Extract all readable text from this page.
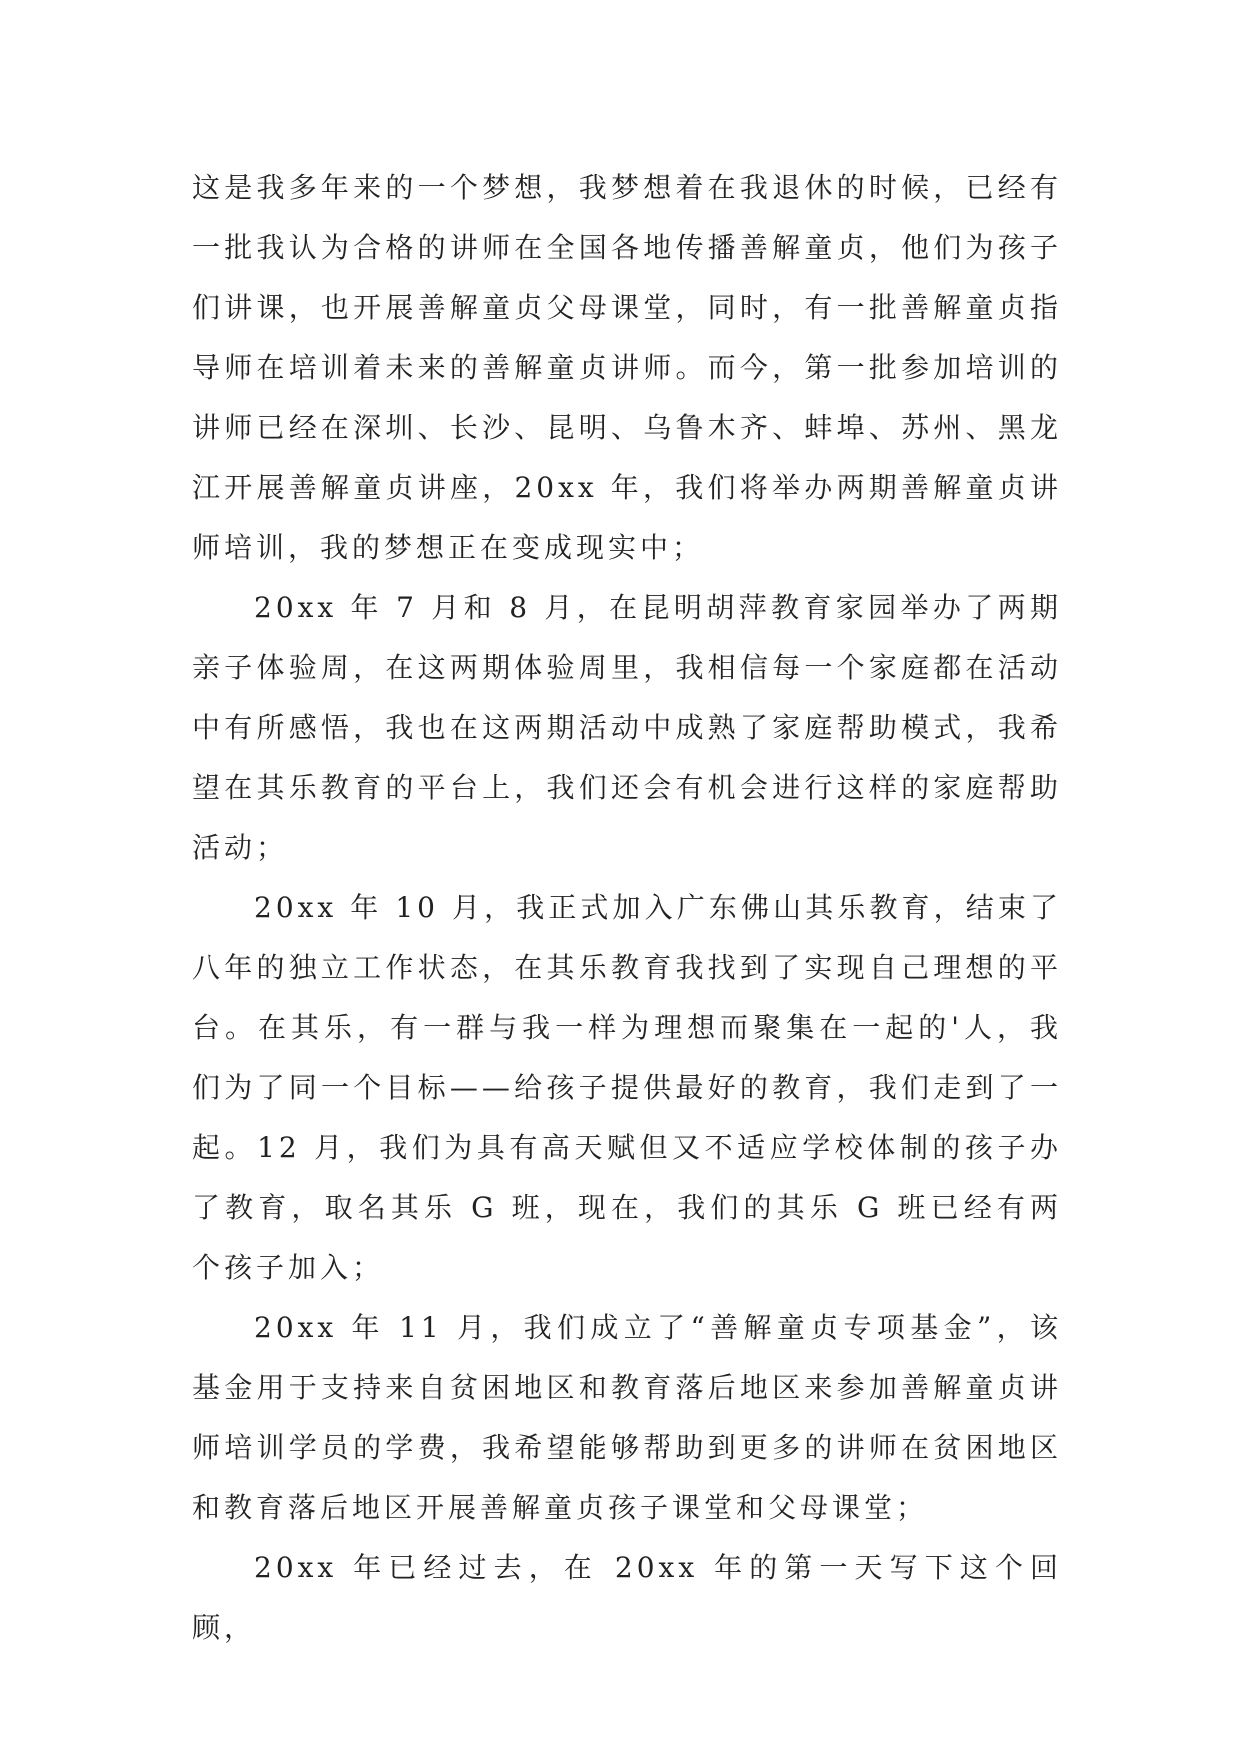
这是我多年来的一个梦想，我梦想着在我退休的时候，已经有一批我认为合格的讲师在全国各地传播善解童贞，他们为孩子们讲课，也开展善解童贞父母课堂，同时，有一批善解童贞指导师在培训着未来的善解童贞讲师。而今，第一批参加培训的讲师已经在深圳、长沙、昆明、乌鲁木齐、蚌埠、苏州、黑龙江开展善解童贞讲座，20xx 年，我们将举办两期善解童贞讲师培训，我的梦想正在变成现实中；

20xx 年 7 月和 8 月，在昆明胡萍教育家园举办了两期亲子体验周，在这两期体验周里，我相信每一个家庭都在活动中有所感悟，我也在这两期活动中成熟了家庭帮助模式，我希望在其乐教育的平台上，我们还会有机会进行这样的家庭帮助活动；

20xx 年 10 月，我正式加入广东佛山其乐教育，结束了八年的独立工作状态，在其乐教育我找到了实现自己理想的平台。在其乐，有一群与我一样为理想而聚集在一起的'人，我们为了同一个目标——给孩子提供最好的教育，我们走到了一起。12 月，我们为具有高天赋但又不适应学校体制的孩子办了教育，取名其乐 G 班，现在，我们的其乐 G 班已经有两个孩子加入；

20xx 年 11 月，我们成立了“善解童贞专项基金”，该基金用于支持来自贫困地区和教育落后地区来参加善解童贞讲师培训学员的学费，我希望能够帮助到更多的讲师在贫困地区和教育落后地区开展善解童贞孩子课堂和父母课堂；

20xx 年已经过去，在 20xx 年的第一天写下这个回顾，
